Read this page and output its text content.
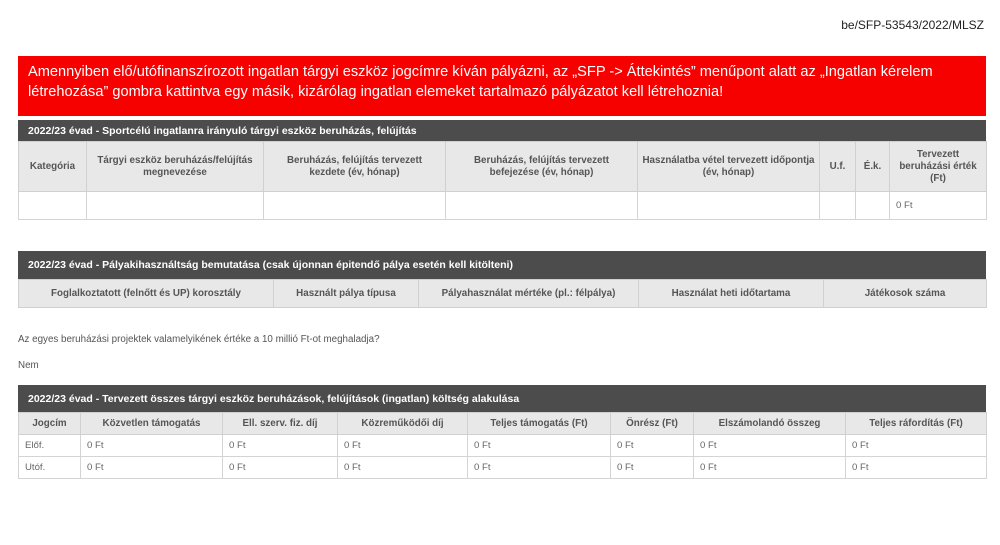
be/SFP-53543/2022/MLSZ
Amennyiben elő/utófinanszírozott ingatlan tárgyi eszköz jogcímre kíván pályázni, az „SFP -> Áttekintés” menűpont alatt az „Ingatlan kérelem létrehozása” gombra kattintva egy másik, kizárólag ingatlan elemeket tartalmazó pályázatot kell létrehoznia!
2022/23 évad - Sportcélú ingatlanra irányuló tárgyi eszköz beruházás, felújítás
Kategória	Tárgyi eszköz beruházás/felújítás megnevezése	Beruházás, felújítás tervezett kezdete (év, hónap)	Beruházás, felújítás tervezett befejezése (év, hónap)	Használatba vétel tervezett időpontja (év, hónap)	U.f.	É.k.	Tervezett beruházási érték (Ft)
							0 Ft
2022/23 évad - Pályakihasználtság bemutatása (csak újonnan épitendő pálya esetén kell kitölteni)
Foglalkoztatott (felnőtt és UP) korosztály	Használt pálya típusa	Pályahasználat mértéke (pl.: félpálya)	Használat heti időtartama	Játékosok száma
Az egyes beruházási projektek valamelyikének értéke a 10 millió Ft-ot meghaladja?
Nem
2022/23 évad - Tervezett összes tárgyi eszköz beruházások, felújítások (ingatlan) költség alakulása
Jogcím	Közvetlen támogatás	Ell. szerv. fiz. díj	Közreműködői díj	Teljes támogatás (Ft)	Önrész (Ft)	Elszámolandó összeg	Teljes ráfordítás (Ft)
Előf.	0 Ft	0 Ft	0 Ft	0 Ft	0 Ft	0 Ft	0 Ft
Utóf.	0 Ft	0 Ft	0 Ft	0 Ft	0 Ft	0 Ft	0 Ft
